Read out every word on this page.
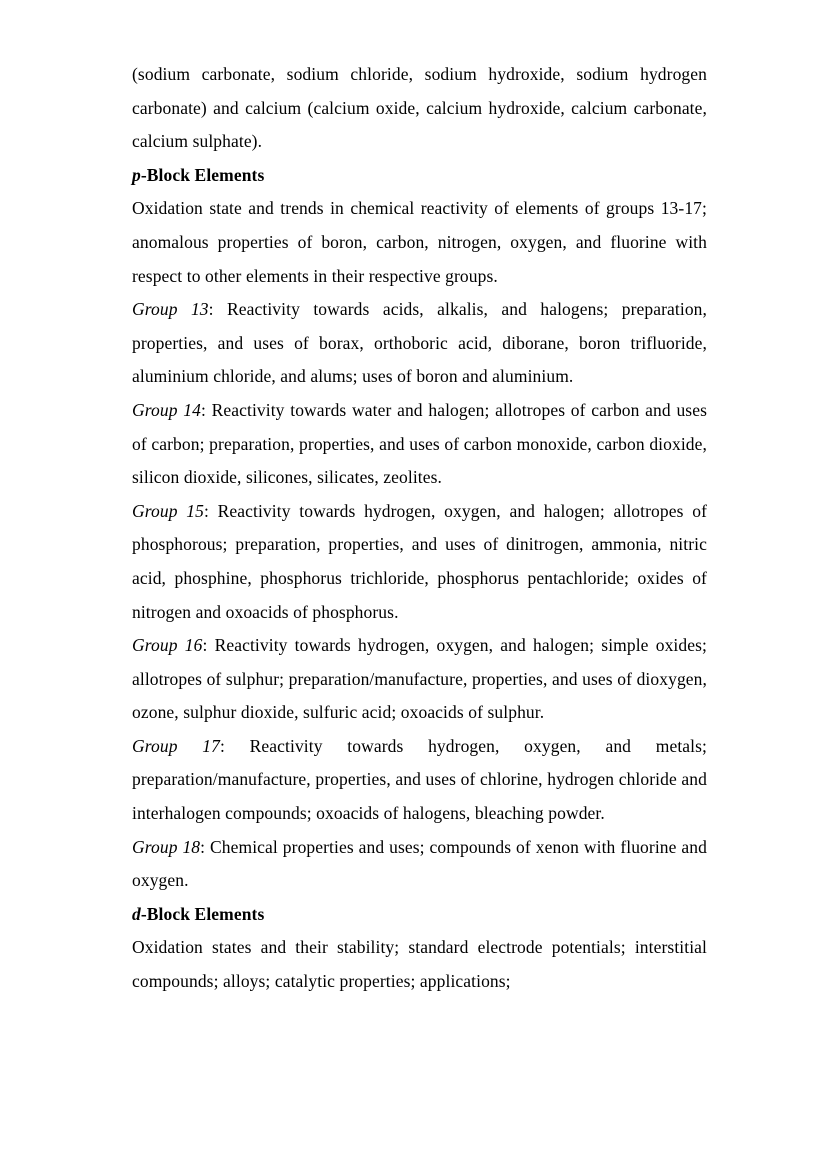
(sodium carbonate, sodium chloride, sodium hydroxide, sodium hydrogen carbonate) and calcium (calcium oxide, calcium hydroxide, calcium carbonate, calcium sulphate).

p-Block Elements

Oxidation state and trends in chemical reactivity of elements of groups 13-17; anomalous properties of boron, carbon, nitrogen, oxygen, and fluorine with respect to other elements in their respective groups.

Group 13: Reactivity towards acids, alkalis, and halogens; preparation, properties, and uses of borax, orthoboric acid, diborane, boron trifluoride, aluminium chloride, and alums; uses of boron and aluminium.

Group 14: Reactivity towards water and halogen; allotropes of carbon and uses of carbon; preparation, properties, and uses of carbon monoxide, carbon dioxide, silicon dioxide, silicones, silicates, zeolites.

Group 15: Reactivity towards hydrogen, oxygen, and halogen; allotropes of phosphorous; preparation, properties, and uses of dinitrogen, ammonia, nitric acid, phosphine, phosphorus trichloride, phosphorus pentachloride; oxides of nitrogen and oxoacids of phosphorus.

Group 16: Reactivity towards hydrogen, oxygen, and halogen; simple oxides; allotropes of sulphur; preparation/manufacture, properties, and uses of dioxygen, ozone, sulphur dioxide, sulfuric acid; oxoacids of sulphur.

Group 17: Reactivity towards hydrogen, oxygen, and metals; preparation/manufacture, properties, and uses of chlorine, hydrogen chloride and interhalogen compounds; oxoacids of halogens, bleaching powder.

Group 18: Chemical properties and uses; compounds of xenon with fluorine and oxygen.

d-Block Elements

Oxidation states and their stability; standard electrode potentials; interstitial compounds; alloys; catalytic properties; applications;
